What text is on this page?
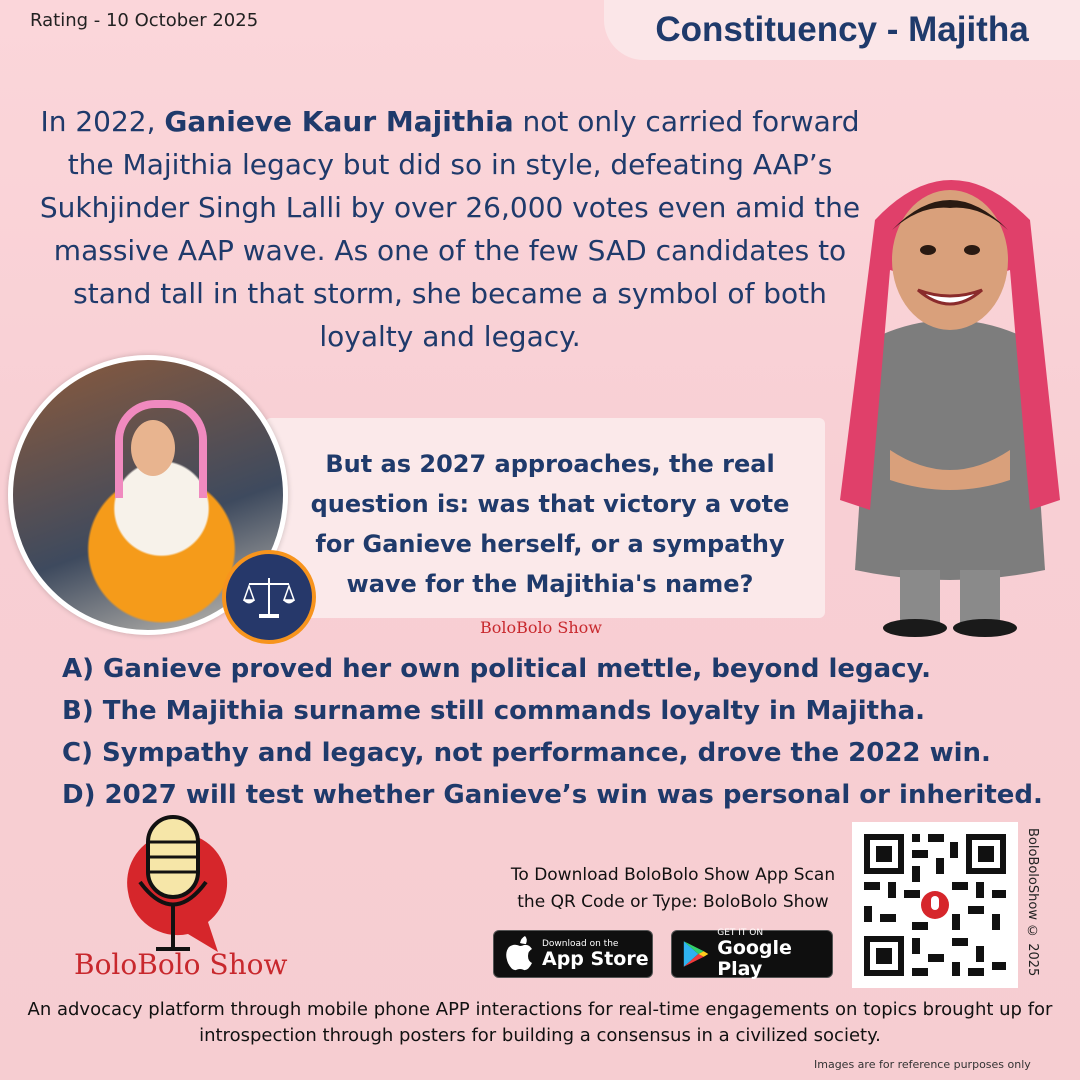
Rating - 10 October 2025	Constituency - Majitha
In 2022, Ganieve Kaur Majithia not only carried forward the Majithia legacy but did so in style, defeating AAP’s Sukhjinder Singh Lalli by over 26,000 votes even amid the massive AAP wave. As one of the few SAD candidates to stand tall in that storm, she became a symbol of both loyalty and legacy.
But as 2027 approaches, the real question is: was that victory a vote for Ganieve herself, or a sympathy wave for the Majithia's name?
BoloBolo Show
A) Ganieve proved her own political mettle, beyond legacy.
B) The Majithia surname still commands loyalty in Majitha.
C) Sympathy and legacy, not performance, drove the 2022 win.
D) 2027 will test whether Ganieve’s win was personal or inherited.
BoloBolo Show
To Download BoloBolo Show App Scan
the QR Code or Type: BoloBolo Show
Download on the
App Store
GET IT ON
Google Play	BoloBoloShow © 2025
An advocacy platform through mobile phone APP interactions for real-time engagements on topics brought up for introspection through posters for building a consensus in a civilized society.
Images are for reference purposes only
